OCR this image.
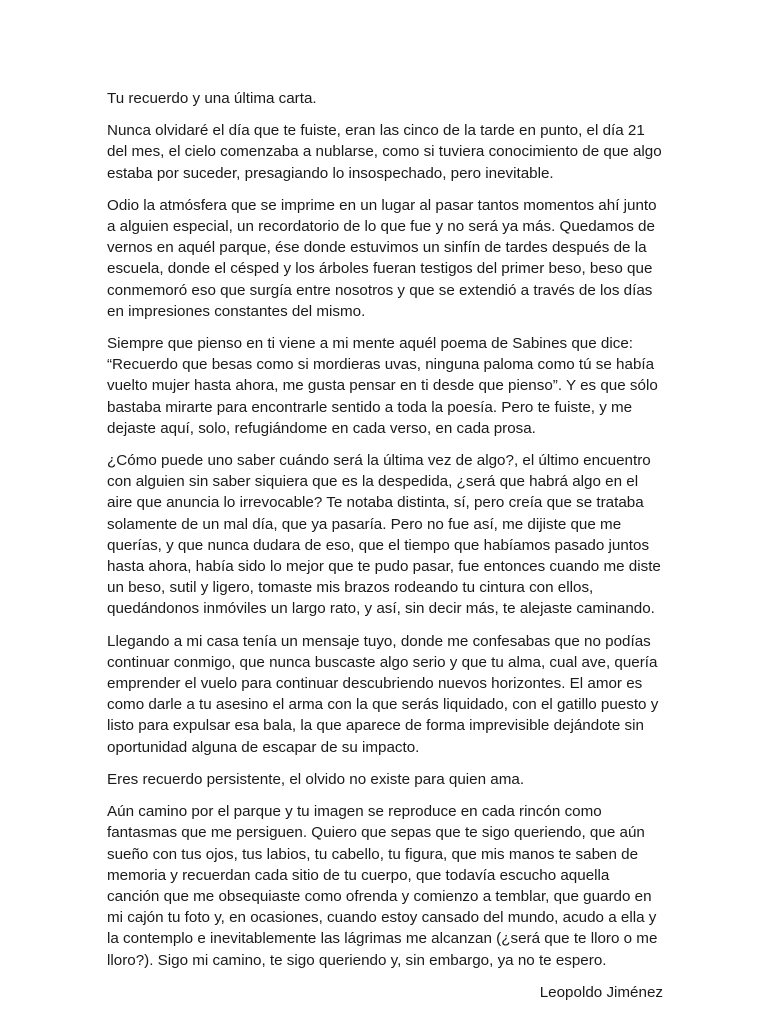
Tu recuerdo y una última carta.

Nunca olvidaré el día que te fuiste, eran las cinco de la tarde en punto, el día 21 del mes, el cielo comenzaba a nublarse, como si tuviera conocimiento de que algo estaba por suceder, presagiando lo insospechado, pero inevitable.

Odio la atmósfera que se imprime en un lugar al pasar tantos momentos ahí junto a alguien especial, un recordatorio de lo que fue y no será ya más. Quedamos de vernos en aquél parque, ése donde estuvimos un sinfín de tardes después de la escuela, donde el césped y los árboles fueran testigos del primer beso, beso que conmemoró eso que surgía entre nosotros y que se extendió a través de los días en impresiones constantes del mismo.

Siempre que pienso en ti viene a mi mente aquél poema de Sabines que dice: “Recuerdo que besas como si mordieras uvas, ninguna paloma como tú se había vuelto mujer hasta ahora, me gusta pensar en ti desde que pienso”. Y es que sólo bastaba mirarte para encontrarle sentido a toda la poesía. Pero te fuiste, y me dejaste aquí, solo, refugiándome en cada verso, en cada prosa.

¿Cómo puede uno saber cuándo será la última vez de algo?, el último encuentro con alguien sin saber siquiera que es la despedida, ¿será que habrá algo en el aire que anuncia lo irrevocable? Te notaba distinta, sí, pero creía que se trataba solamente de un mal día, que ya pasaría. Pero no fue así, me dijiste que me querías, y que nunca dudara de eso, que el tiempo que habíamos pasado juntos hasta ahora, había sido lo mejor que te pudo pasar, fue entonces cuando me diste un beso, sutil y ligero, tomaste mis brazos rodeando tu cintura con ellos, quedándonos inmóviles un largo rato, y así, sin decir más, te alejaste caminando.

Llegando a mi casa tenía un mensaje tuyo, donde me confesabas que no podías continuar conmigo, que nunca buscaste algo serio y que tu alma, cual ave, quería emprender el vuelo para continuar descubriendo nuevos horizontes. El amor es como darle a tu asesino el arma con la que serás liquidado, con el gatillo puesto y listo para expulsar esa bala, la que aparece de forma imprevisible dejándote sin oportunidad alguna de escapar de su impacto.

Eres recuerdo persistente, el olvido no existe para quien ama.

Aún camino por el parque y tu imagen se reproduce en cada rincón como fantasmas que me persiguen. Quiero que sepas que te sigo queriendo, que aún sueño con tus ojos, tus labios, tu cabello, tu figura, que mis manos te saben de memoria y recuerdan cada sitio de tu cuerpo, que todavía escucho aquella canción que me obsequiaste como ofrenda y comienzo a temblar, que guardo en mi cajón tu foto y, en ocasiones, cuando estoy cansado del mundo, acudo a ella y la contemplo e inevitablemente las lágrimas me alcanzan (¿será que te lloro o me lloro?). Sigo mi camino, te sigo queriendo y, sin embargo, ya no te espero.

Leopoldo Jiménez
